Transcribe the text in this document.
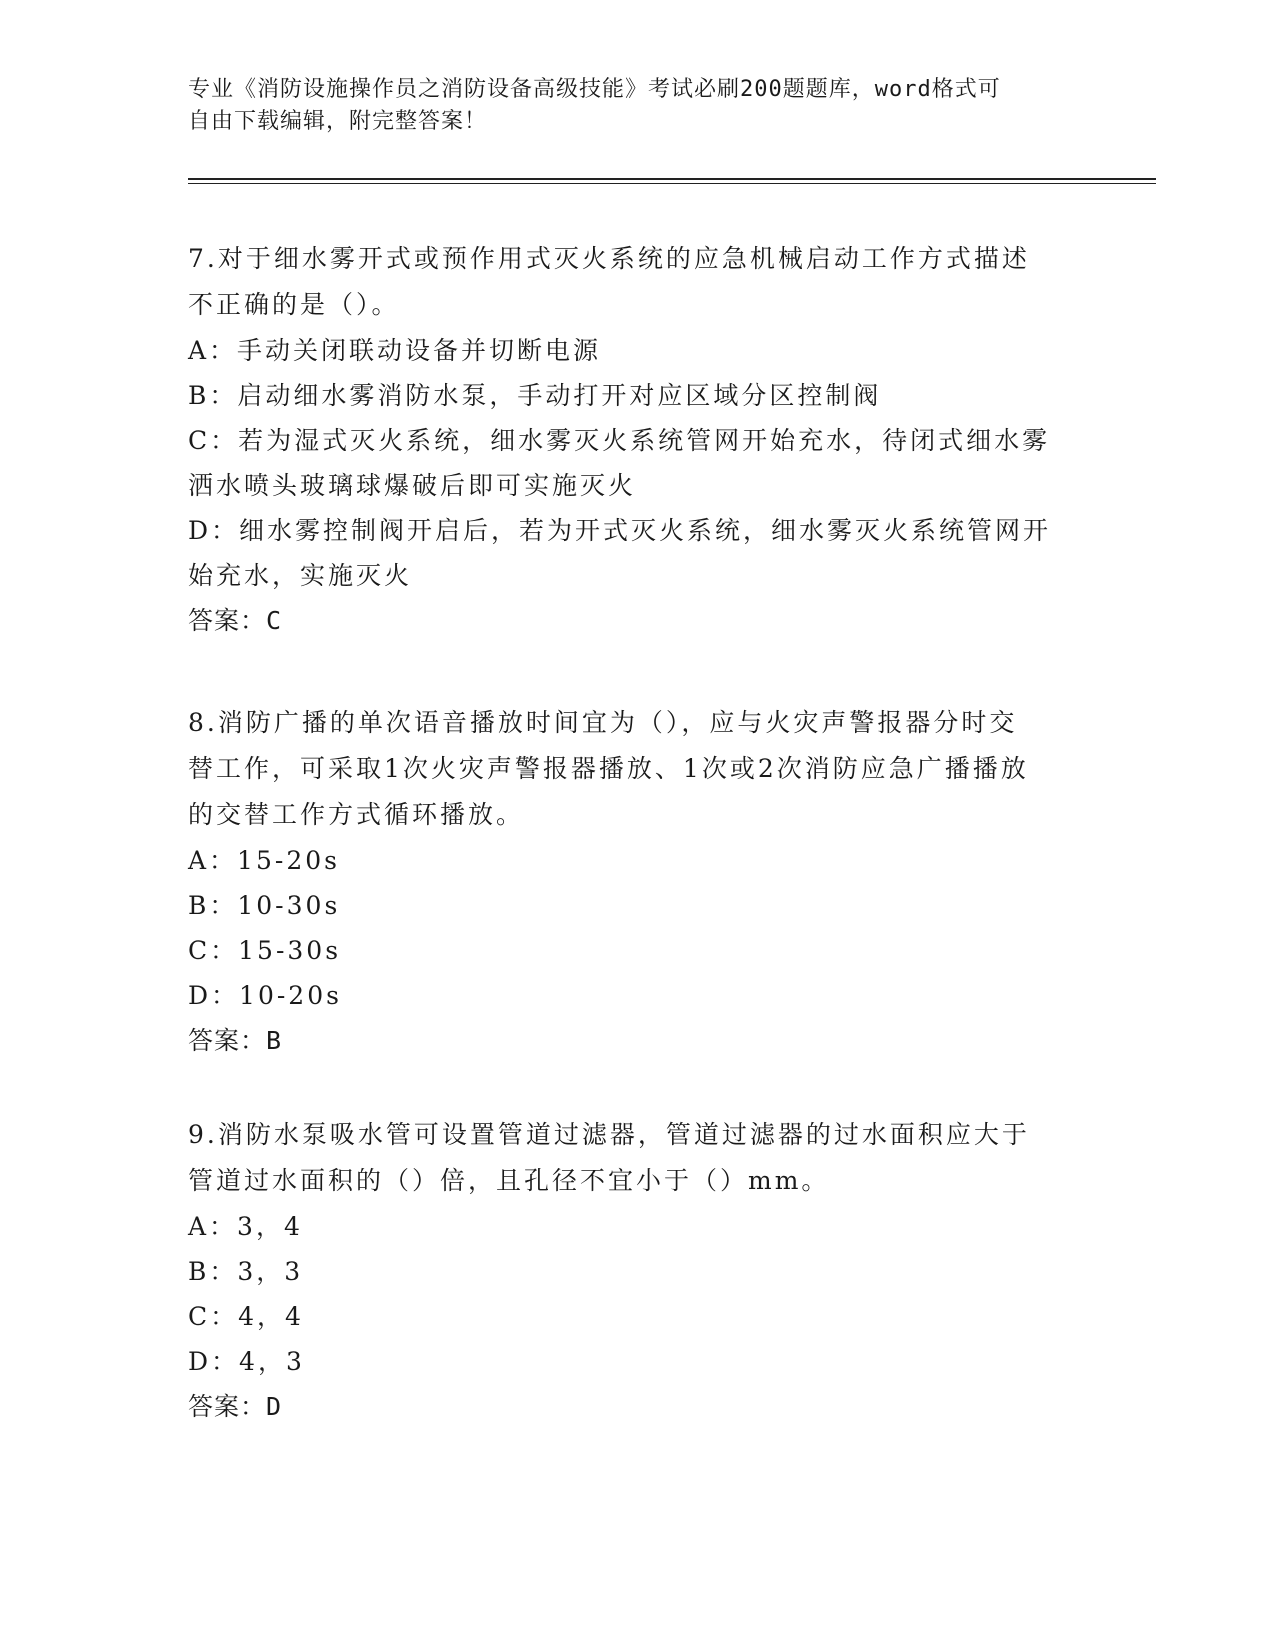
专业《消防设施操作员之消防设备高级技能》考试必刷200题题库，word格式可

自由下载编辑，附完整答案！

7.对于细水雾开式或预作用式灭火系统的应急机械启动工作方式描述

不正确的是（）。

A：手动关闭联动设备并切断电源

B：启动细水雾消防水泵，手动打开对应区域分区控制阀

C：若为湿式灭火系统，细水雾灭火系统管网开始充水，待闭式细水雾

洒水喷头玻璃球爆破后即可实施灭火

D：细水雾控制阀开启后，若为开式灭火系统，细水雾灭火系统管网开

始充水，实施灭火

答案：C

8.消防广播的单次语音播放时间宜为（），应与火灾声警报器分时交

替工作，可采取1次火灾声警报器播放、1次或2次消防应急广播播放

的交替工作方式循环播放。

A：15-20s

B：10-30s

C：15-30s

D：10-20s

答案：B

9.消防水泵吸水管可设置管道过滤器，管道过滤器的过水面积应大于

管道过水面积的（）倍，且孔径不宜小于（）mm。

A：3，4

B：3，3

C：4，4

D：4，3

答案：D
